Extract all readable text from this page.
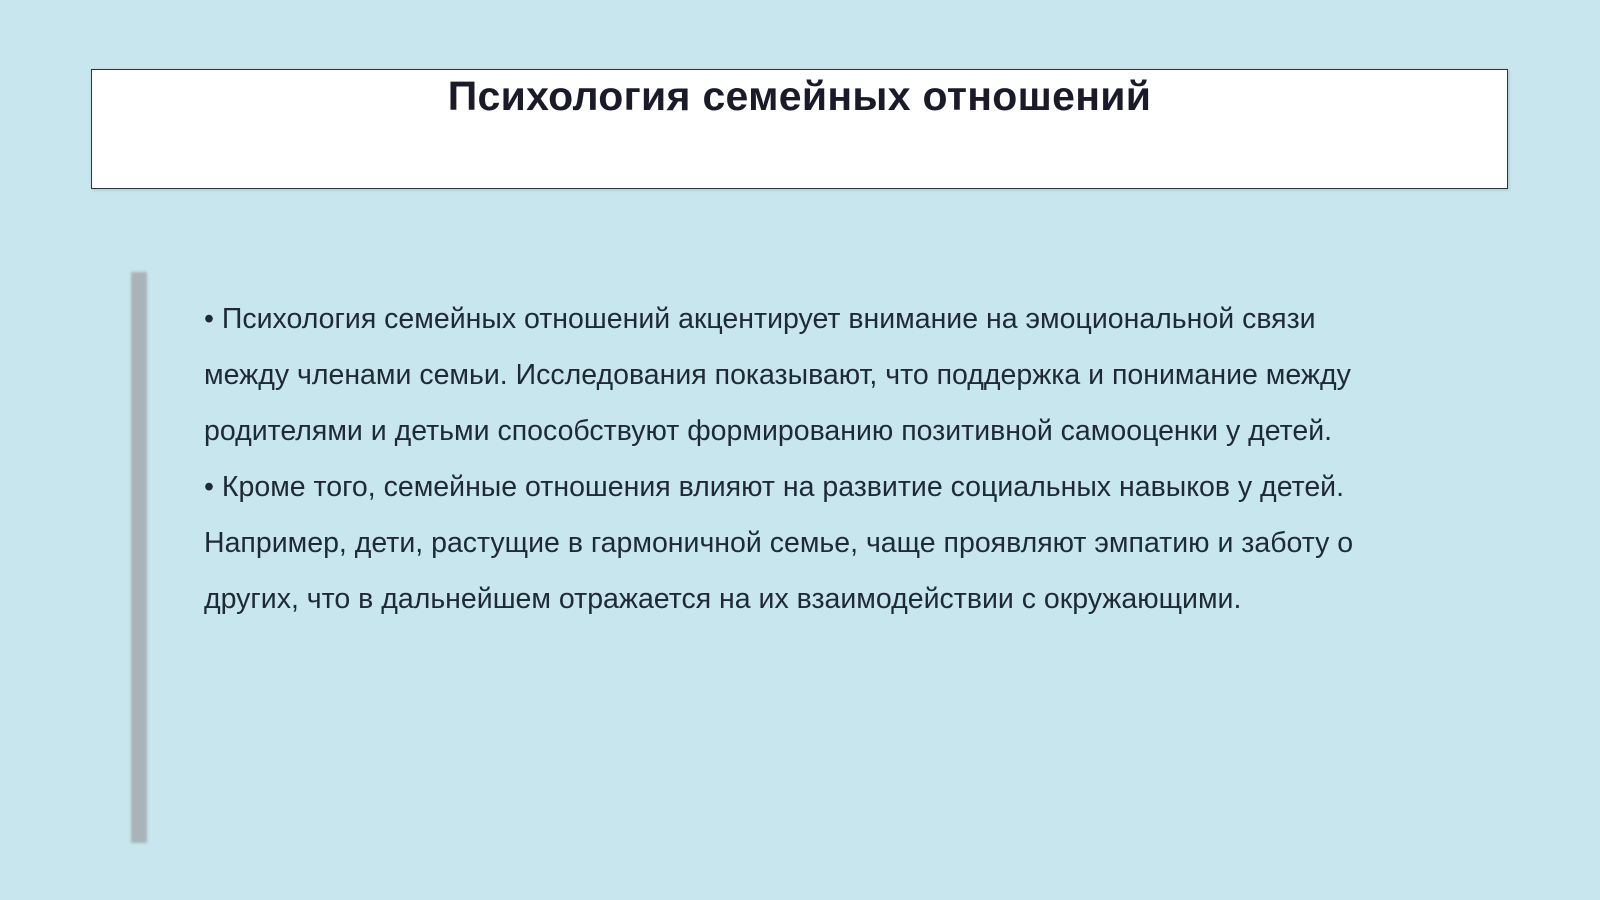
Психология семейных отношений

• Психология семейных отношений акцентирует внимание на эмоциональной связи между членами семьи. Исследования показывают, что поддержка и понимание между родителями и детьми способствуют формированию позитивной самооценки у детей.

• Кроме того, семейные отношения влияют на развитие социальных навыков у детей. Например, дети, растущие в гармоничной семье, чаще проявляют эмпатию и заботу о других, что в дальнейшем отражается на их взаимодействии с окружающими.
